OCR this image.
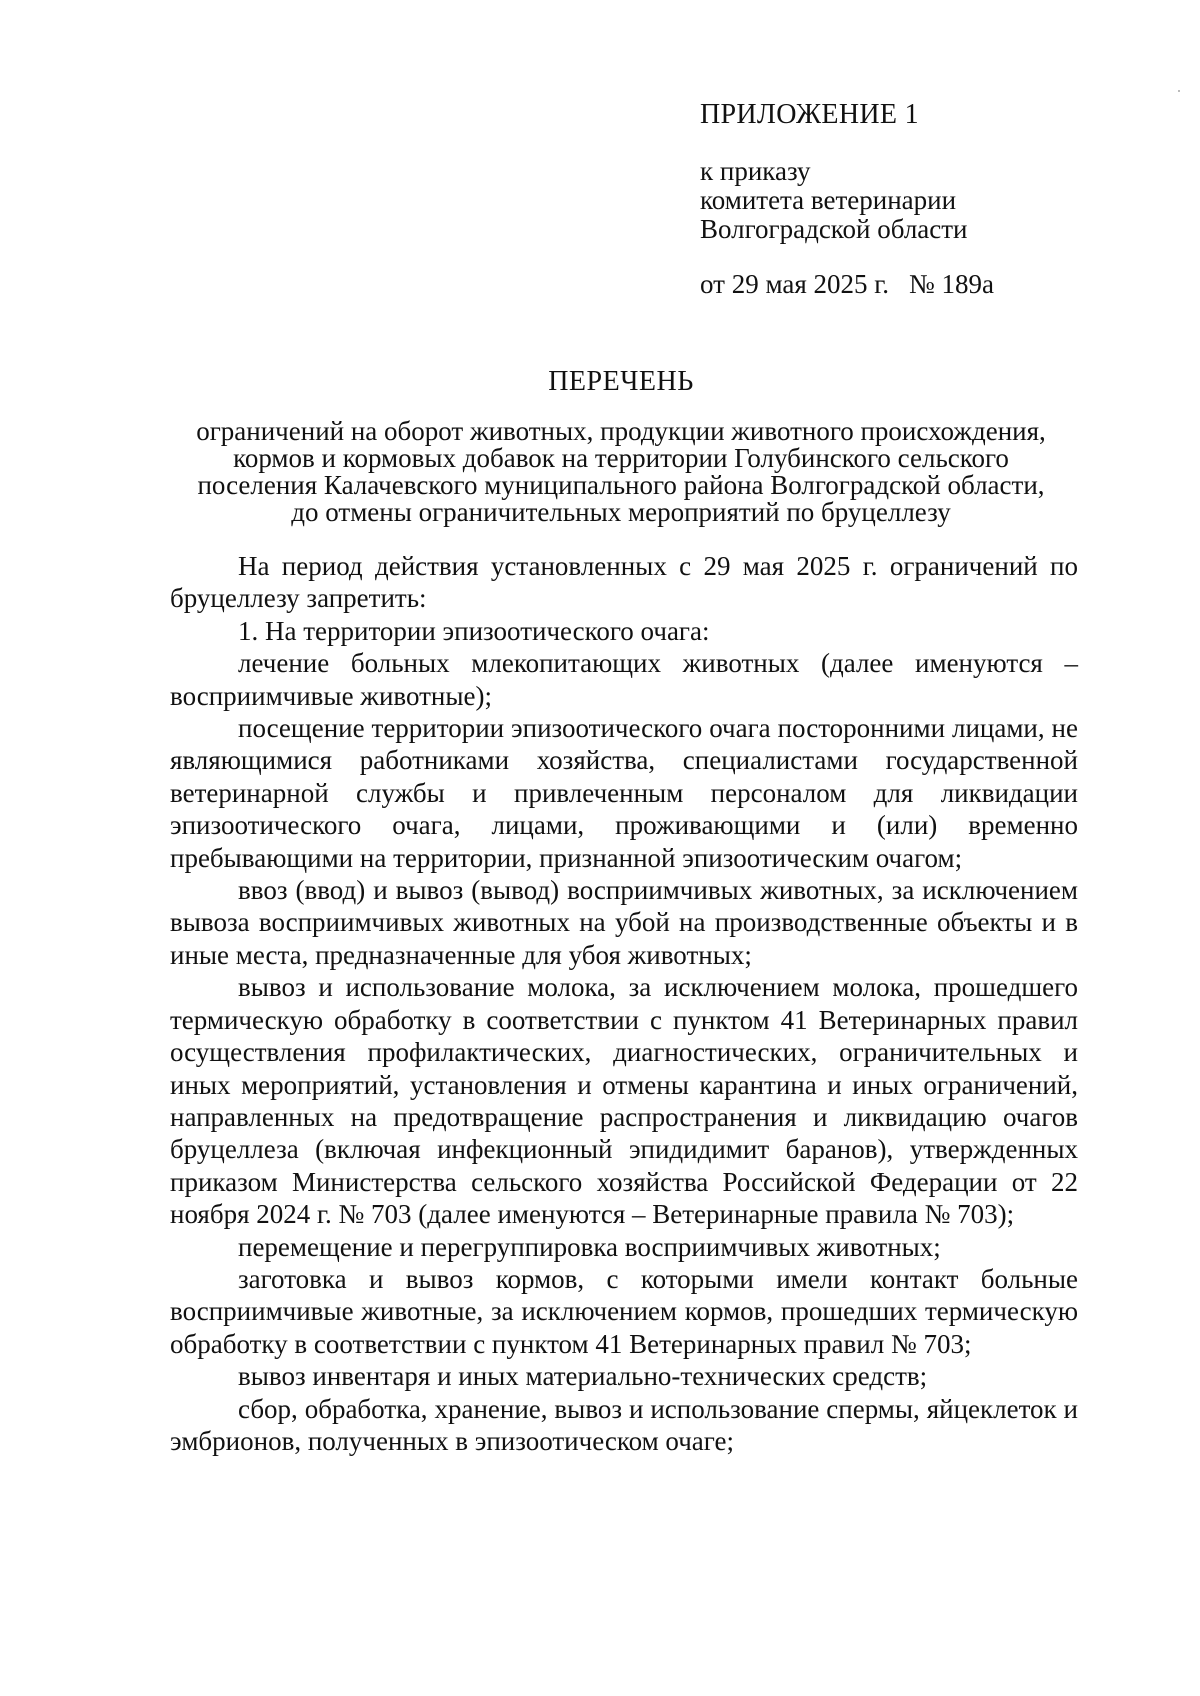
ПРИЛОЖЕНИЕ 1
к приказу
комитета ветеринарии
Волгоградской области
от 29 мая 2025 г. № 189а
ПЕРЕЧЕНЬ
ограничений на оборот животных, продукции животного происхождения,
кормов и кормовых добавок на территории Голубинского сельского
поселения Калачевского муниципального района Волгоградской области,
до отмены ограничительных мероприятий по бруцеллезу

На период действия установленных с 29 мая 2025 г. ограничений по бруцеллезу запретить:

1. На территории эпизоотического очага:

лечение больных млекопитающих животных (далее именуются – восприимчивые животные);

посещение территории эпизоотического очага посторонними лицами, не являющимися работниками хозяйства, специалистами государственной ветеринарной службы и привлеченным персоналом для ликвидации эпизоотического очага, лицами, проживающими и (или) временно пребывающими на территории, признанной эпизоотическим очагом;

ввоз (ввод) и вывоз (вывод) восприимчивых животных, за исключением вывоза восприимчивых животных на убой на производственные объекты и в иные места, предназначенные для убоя животных;

вывоз и использование молока, за исключением молока, прошедшего термическую обработку в соответствии с пунктом 41 Ветеринарных правил осуществления профилактических, диагностических, ограничительных и иных мероприятий, установления и отмены карантина и иных ограничений, направленных на предотвращение распространения и ликвидацию очагов бруцеллеза (включая инфекционный эпидидимит баранов), утвержденных приказом Министерства сельского хозяйства Российской Федерации от 22 ноября 2024 г. № 703 (далее именуются – Ветеринарные правила № 703);

перемещение и перегруппировка восприимчивых животных;

заготовка и вывоз кормов, с которыми имели контакт больные восприимчивые животные, за исключением кормов, прошедших термическую обработку в соответствии с пунктом 41 Ветеринарных правил № 703;

вывоз инвентаря и иных материально-технических средств;

сбор, обработка, хранение, вывоз и использование спермы, яйцеклеток и эмбрионов, полученных в эпизоотическом очаге;
